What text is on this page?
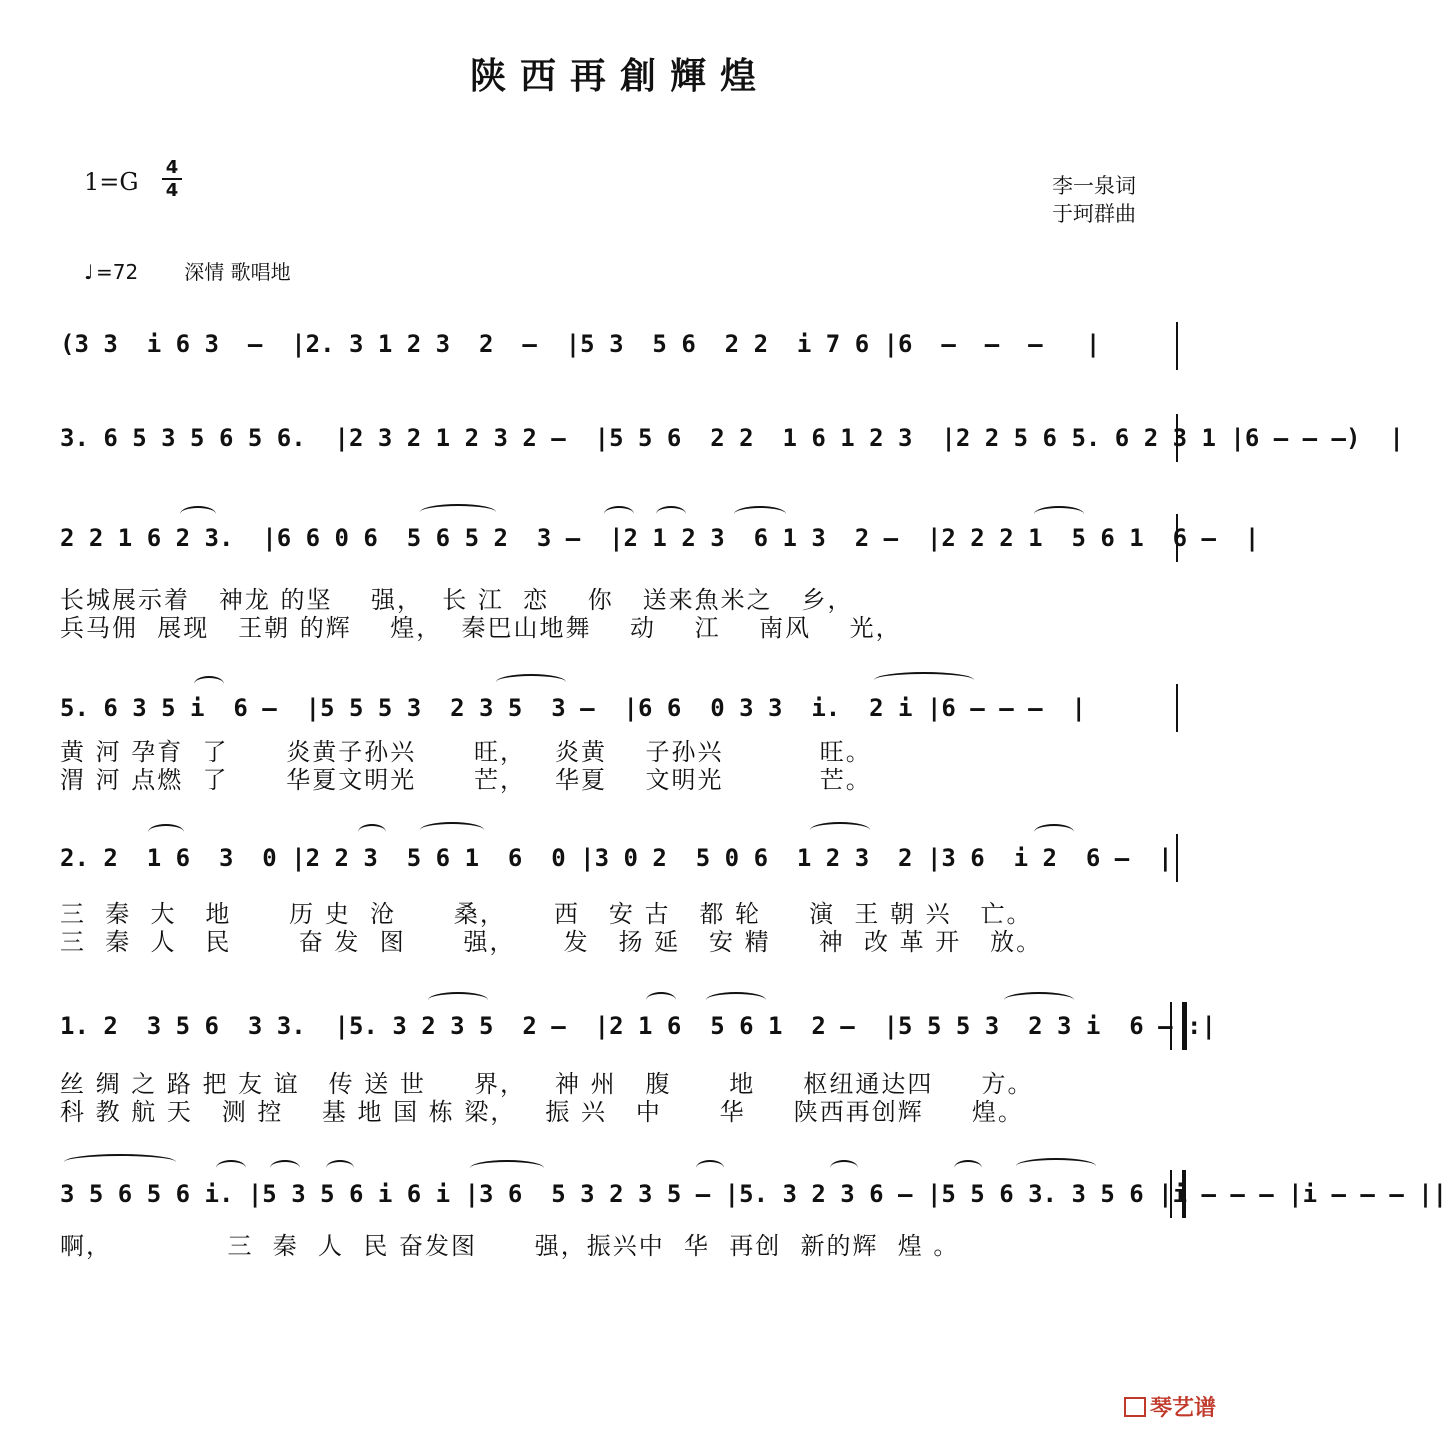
陕西再創輝煌
1=G
4
4	李一泉词
于珂群曲
♩ =72 深情 歌唱地
(3 3  i 6 3  –  |2. 3 1 2 3  2  –  |5 3  5 6  2 2  i 7 6 |6  –  –  –   |
3. 6 5 3 5 6 5 6.  |2 3 2 1 2 3 2 –  |5 5 6  2 2  1 6 1 2 3  |2 2 5 6 5. 6 2 3 1 |6 – – –)  |
2 2 1 6 2 3.  |6 6 0 6  5 6 5 2  3 –  |2 1 2 3  6 1 3  2 –  |2 2 2 1  5 6 1  6 –  |
长城展示着   神龙 的坚    强，  长 江  恋    你   送来魚米之   乡，
兵马佣  展现   王朝 的辉    煌，  秦巴山地舞    动    江    南风    光，
5. 6 3 5 i  6 –  |5 5 5 3  2 3 5  3 –  |6 6  0 3 3  i.  2 i |6 – – –  |
黄 河 孕育  了      炎黄子孙兴      旺，   炎黄    子孙兴          旺。
渭 河 点燃  了      华夏文明光      芒，   华夏    文明光          芒。
2. 2  1 6  3  0 |2 2 3  5 6 1  6  0 |3 0 2  5 0 6  1 2 3  2 |3 6  i 2  6 –  |
三  秦  大   地      历 史  沧      桑，     西   安 古   都 轮     演  王 朝 兴   亡。
三  秦  人   民       奋 发  图      强，     发   扬 延   安 精     神  改 革 开   放。
1. 2  3 5 6  3 3.  |5. 3 2 3 5  2 –  |2 1 6  5 6 1  2 –  |5 5 5 3  2 3 i  6 – :|
丝 绸 之 路 把 友 谊   传 送 世     界，   神 州   腹      地     枢纽通达四     方。
科 教 航 天   测 控    基 地 国 栋 梁，   振 兴   中      华     陕西再创辉     煌。
3 5 6 5 6 i. |5 3 5 6 i 6 i |3 6  5 3 2 3 5 – |5. 3 2 3 6 – |5 5 6 3. 3 5 6 |i – – – |i – – – ||
啊，            三  秦  人  民 奋发图      强，振兴中  华  再创  新的辉  煌 。
琴艺谱
